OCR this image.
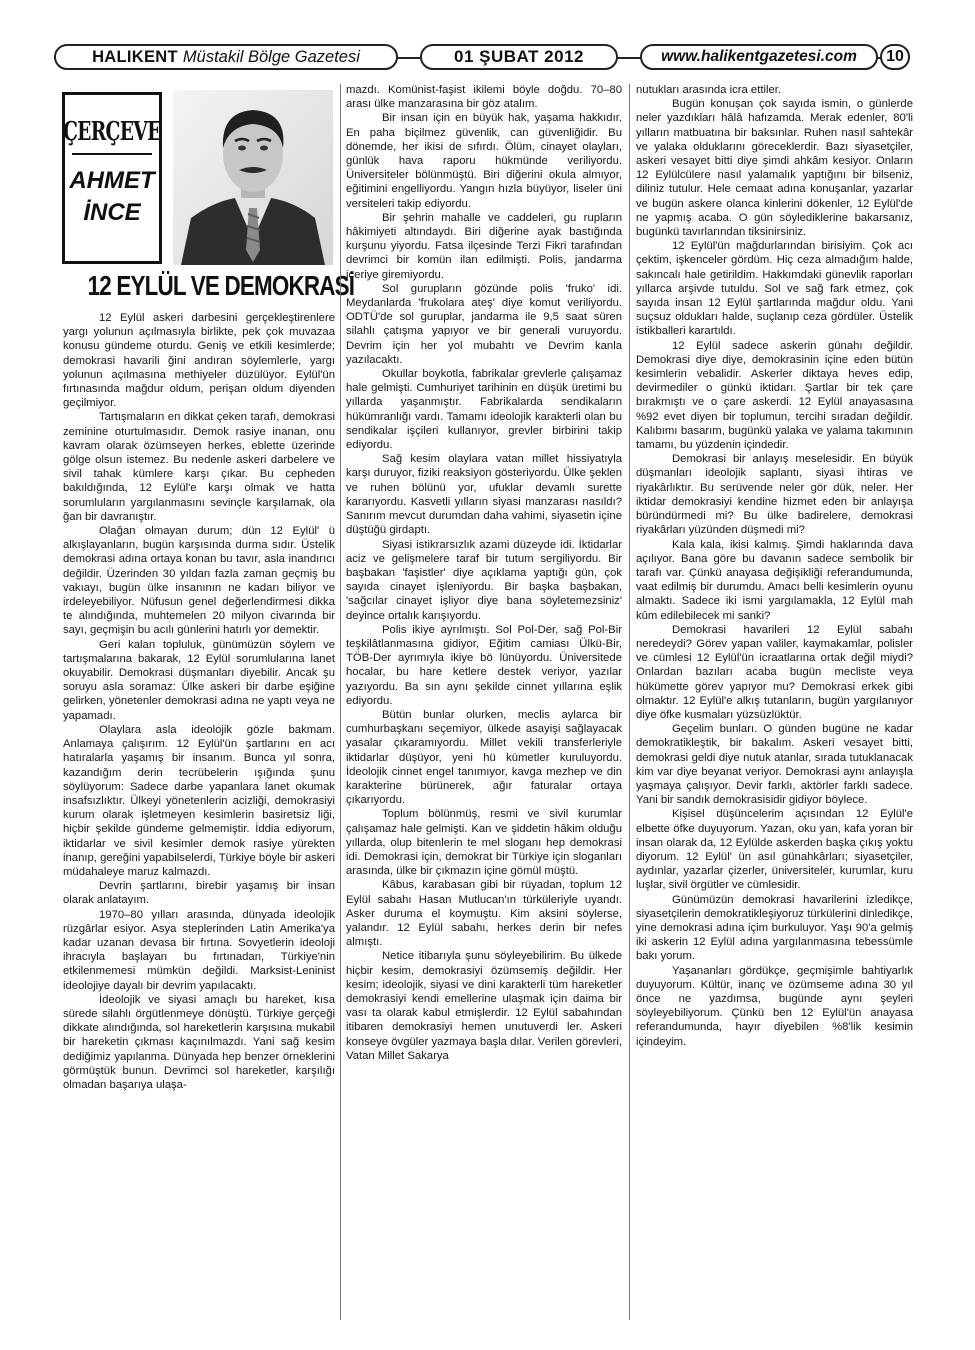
HALIKENT Müstakil Bölge Gazetesi	01 ŞUBAT 2012	www.halikentgazetesi.com	10
ÇERÇEVE
AHMET
İNCE
12 EYLÜL VE DEMOKRASİ

12 Eylül askeri darbesini gerçekleştirenlere yargı yolunun açılmasıyla birlikte, pek çok muvazaa konusu gündeme oturdu. Geniş ve etkili kesimlerde; demokrasi havarili ğini andıran söylemlerle, yargı yolunun açılmasına methiyeler düzülüyor. Eylül'ün fırtınasında mağdur oldum, perişan oldum diyenden geçilmiyor.

Tartışmaların en dikkat çeken tarafı, demokrasi zeminine oturtulmasıdır. Demok rasiye inanan, onu kavram olarak özümseyen herkes, eblette üzerinde gölge olsun istemez. Bu nedenle askeri darbelere ve sivil tahak kümlere karşı çıkar. Bu cepheden bakıldığında, 12 Eylül'e karşı olmak ve hatta sorumluların yargılanmasını sevinçle karşılamak, ola ğan bir davranıştır.

Olağan olmayan durum; dün 12 Eylül' ü alkışlayanların, bugün karşısında durma sıdır. Üstelik demokrasi adına ortaya konan bu tavır, asla inandırıcı değildir. Üzerinden 30 yıldan fazla zaman geçmiş bu vakıayı, bugün ülke insanının ne kadarı biliyor ve irdeleyebiliyor. Nüfusun genel değerlendirmesi dikka te alındığında, muhtemelen 20 milyon civarında bir sayı, geçmişin bu acılı günlerini hatırlı yor demektir.

Geri kalan topluluk, günümüzün söylem ve tartışmalarına bakarak, 12 Eylül sorumlularına lanet okuyabilir. Demokrasi düşmanları diyebilir. Ancak şu soruyu asla soramaz: Ülke askeri bir darbe eşiğine gelirken, yönetenler demokrasi adına ne yaptı veya ne yapamadı.

Olaylara asla ideolojik gözle bakmam. Anlamaya çalışırım. 12 Eylül'ün şartlarını en acı hatıralarla yaşamış bir insanım. Bunca yıl sonra, kazandığım derin tecrübelerin ışığında şunu söylüyorum: Sadece darbe yapanlara lanet okumak insafsızlıktır. Ülkeyi yönetenlerin acizliği, demokrasiyi kurum olarak işletmeyen kesimlerin basiretsiz liği, hiçbir şekilde gündeme gelmemiştir. İddia ediyorum, iktidarlar ve sivil kesimler demok rasiye yürekten inanıp, gereğini yapabilselerdi, Türkiye böyle bir askeri müdahaleye maruz kalmazdı.

Devrin şartlarını, birebir yaşamış bir insan olarak anlatayım.

1970–80 yılları arasında, dünyada ideolojik rüzgârlar esiyor. Asya steplerinden Latin Amerika'ya kadar uzanan devasa bir fırtına. Sovyetlerin ideoloji ihracıyla başlayan bu fırtınadan, Türkiye'nin etkilenmemesi mümkün değildi. Marksist-Leninist ideolojiye dayalı bir devrim yapılacaktı.

İdeolojik ve siyasi amaçlı bu hareket, kısa sürede silahlı örgütlenmeye dönüştü. Türkiye gerçeği dikkate alındığında, sol hareketlerin karşısına mukabil bir hareketin çıkması kaçınılmazdı. Yani sağ kesim dediğimiz yapılanma. Dünyada hep benzer örneklerini görmüştük bunun. Devrimci sol hareketler, karşılığı olmadan başarıya ulaşa-

mazdı. Komünist-faşist ikilemi böyle doğdu. 70–80 arası ülke manzarasına bir göz atalım.

Bir insan için en büyük hak, yaşama hakkıdır. En paha biçilmez güvenlik, can güvenliğidir. Bu dönemde, her ikisi de sıfırdı. Ölüm, cinayet olayları, günlük hava raporu hükmünde veriliyordu. Üniversiteler bölünmüştü. Biri diğerini okula almıyor, eğitimini engelliyordu. Yangın hızla büyüyor, liseler üni versiteleri takip ediyordu.

Bir şehrin mahalle ve caddeleri, gu rupların hâkimiyeti altındaydı. Biri diğerine ayak bastığında kurşunu yiyordu. Fatsa ilçesinde Terzi Fikri tarafından devrimci bir komün ilan edilmişti. Polis, jandarma içeriye giremiyordu.

Sol gurupların gözünde polis 'fruko' idi. Meydanlarda 'frukolara ateş' diye komut veriliyordu. ODTÜ'de sol guruplar, jandarma ile 9,5 saat süren silahlı çatışma yapıyor ve bir generali vuruyordu. Devrim için her yol mubahtı ve Devrim kanla yazılacaktı.

Okullar boykotla, fabrikalar grevlerle çalışamaz hale gelmişti. Cumhuriyet tarihinin en düşük üretimi bu yıllarda yaşanmıştır. Fabrikalarda sendikaların hükümranlığı vardı. Tamamı ideolojik karakterli olan bu sendikalar işçileri kullanıyor, grevler birbirini takip ediyordu.

Sağ kesim olaylara vatan millet hissiyatıyla karşı duruyor, fiziki reaksiyon gösteriyordu. Ülke şeklen ve ruhen bölünü yor, ufuklar devamlı surette kararıyordu. Kasvetli yılların siyasi manzarası nasıldı? Sanırım mevcut durumdan daha vahimi, siyasetin içine düştüğü girdaptı.

Siyasi istikrarsızlık azami düzeyde idi. İktidarlar aciz ve gelişmelere taraf bir tutum sergiliyordu. Bir başbakan 'faşistler' diye açıklama yaptığı gün, çok sayıda cinayet işleniyordu. Bir başka başbakan, 'sağcılar cinayet işliyor diye bana söyletemezsiniz' deyince ortalık karışıyordu.

Polis ikiye ayrılmıştı. Sol Pol-Der, sağ Pol-Bir teşkilâtlanmasına gidiyor, Eğitim camiası Ülkü-Bir, TÖB-Der ayrımıyla ikiye bö lünüyordu. Üniversitede hocalar, bu hare ketlere destek veriyor, yazılar yazıyordu. Ba sın aynı şekilde cinnet yıllarına eşlik ediyordu.

Bütün bunlar olurken, meclis aylarca bir cumhurbaşkanı seçemiyor, ülkede asayişi sağlayacak yasalar çıkaramıyordu. Millet vekili transferleriyle iktidarlar düşüyor, yeni hü kümetler kuruluyordu. İdeolojik cinnet engel tanımıyor, kavga mezhep ve din karakterine bürünerek, ağır faturalar ortaya çıkarıyordu.

Toplum bölünmüş, resmi ve sivil kurumlar çalışamaz hale gelmişti. Kan ve şiddetin hâkim olduğu yıllarda, olup bitenlerin te mel sloganı hep demokrasi idi. Demokrasi için, demokrat bir Türkiye için sloganları arasında, ülke bir çıkmazın içine gömül müştü.

Kâbus, karabasan gibi bir rüyadan, toplum 12 Eylül sabahı Hasan Mutlucan'ın türküleriyle uyandı. Asker duruma el koymuştu. Kim aksini söylerse, yalandır. 12 Eylül sabahı, herkes derin bir nefes almıştı.

Netice itibarıyla şunu söyleyebilirim. Bu ülkede hiçbir kesim, demokrasiyi özümsemiş değildir. Her kesim; ideolojik, siyasi ve dini karakterli tüm hareketler demokrasiyi kendi emellerine ulaşmak için daima bir vası ta olarak kabul etmişlerdir. 12 Eylül sabahından itibaren demokrasiyi hemen unutuverdi ler. Askeri konseye övgüler yazmaya başla dılar. Verilen görevleri, Vatan Millet Sakarya

nutukları arasında icra ettiler.

Bugün konuşan çok sayıda ismin, o günlerde neler yazdıkları hâlâ hafızamda. Merak edenler, 80'li yılların matbuatına bir baksınlar. Ruhen nasıl sahtekâr ve yalaka olduklarını göreceklerdir. Bazı siyasetçiler, askeri vesayet bitti diye şimdi ahkâm kesiyor. Onların 12 Eylülcülere nasıl yalamalık yaptığını bir bilseniz, diliniz tutulur. Hele cemaat adına konuşanlar, yazarlar ve bugün askere olanca kinlerini dökenler, 12 Eylül'de ne yapmış acaba. O gün söylediklerine bakarsanız, bugünkü tavırlarından tiksinirsiniz.

12 Eylül'ün mağdurlarından birisiyim. Çok acı çektim, işkenceler gördüm. Hiç ceza almadığım halde, sakıncalı hale getirildim. Hakkımdaki günevlik raporları yıllarca arşivde tutuldu. Sol ve sağ fark etmez, çok sayıda insan 12 Eylül şartlarında mağdur oldu. Yani suçsuz oldukları halde, suçlanıp ceza gördüler. Üstelik istikballeri karartıldı.

12 Eylül sadece askerin günahı değildir. Demokrasi diye diye, demokrasinin içine eden bütün kesimlerin vebalidir. Askerler diktaya heves edip, devirmediler o günkü iktidarı. Şartlar bir tek çare bırakmıştı ve o çare askerdi. 12 Eylül anayasasına %92 evet diyen bir toplumun, tercihi sıradan değildir. Kalıbımı basarım, bugünkü yalaka ve yalama takımının tamamı, bu yüzdenin içindedir.

Demokrasi bir anlayış meselesidir. En büyük düşmanları ideolojik saplantı, siyasi ihtiras ve riyakârlıktır. Bu serüvende neler gör dük, neler. Her iktidar demokrasiyi kendine hizmet eden bir anlayışa büründürmedi mi? Bu ülke badirelere, demokrasi riyakârları yüzünden düşmedi mi?

Kala kala, ikisi kalmış. Şimdi haklarında dava açılıyor. Bana göre bu davanın sadece sembolik bir tarafı var. Çünkü anayasa değişikliği referandumunda, vaat edilmiş bir durumdu. Amacı belli kesimlerin oyunu almaktı. Sadece iki ismi yargılamakla, 12 Eylül mah kûm edilebilecek mi sanki?

Demokrasi havarileri 12 Eylül sabahı neredeydi? Görev yapan valiler, kaymakamlar, polisler ve cümlesi 12 Eylül'ün icraatlarına ortak değil miydi? Onlardan bazıları acaba bugün mecliste veya hükümette görev yapıyor mu? Demokrasi erkek gibi olmaktır. 12 Eylül'e alkış tutanların, bugün yargılanıyor diye öfke kusmaları yüzsüzlüktür.

Geçelim bunları. O günden bugüne ne kadar demokratikleştik, bir bakalım. Askeri vesayet bitti, demokrasi geldi diye nutuk atanlar, sırada tutuklanacak kim var diye beyanat veriyor. Demokrasi aynı anlayışla yaşmaya çalışıyor. Devir farklı, aktörler farklı sadece. Yani bir sandık demokrasisidir gidiyor böylece.

Kişisel düşüncelerim açısından 12 Eylül'e elbette öfke duyuyorum. Yazan, oku yan, kafa yoran bir insan olarak da, 12 Eylülde askerden başka çıkış yoktu diyorum. 12 Eylül' ün asıl günahkârları; siyasetçiler, aydınlar, yazarlar çizerler, üniversiteler, kurumlar, kuru luşlar, sivil örgütler ve cümlesidir.

Günümüzün demokrasi havarilerini izledikçe, siyasetçilerin demokratikleşiyoruz türkülerini dinledikçe, yine demokrasi adına içim burkuluyor. Yaşı 90'a gelmiş iki askerin 12 Eylül adına yargılanmasına tebessümle bakı yorum.

Yaşananları gördükçe, geçmişimle bahtiyarlık duyuyorum. Kültür, inanç ve özümseme adına 30 yıl önce ne yazdımsa, bugünde aynı şeyleri söyleyebiliyorum. Çünkü ben 12 Eylül'ün anayasa referandumunda, hayır diyebilen %8'lik kesimin içindeyim.
